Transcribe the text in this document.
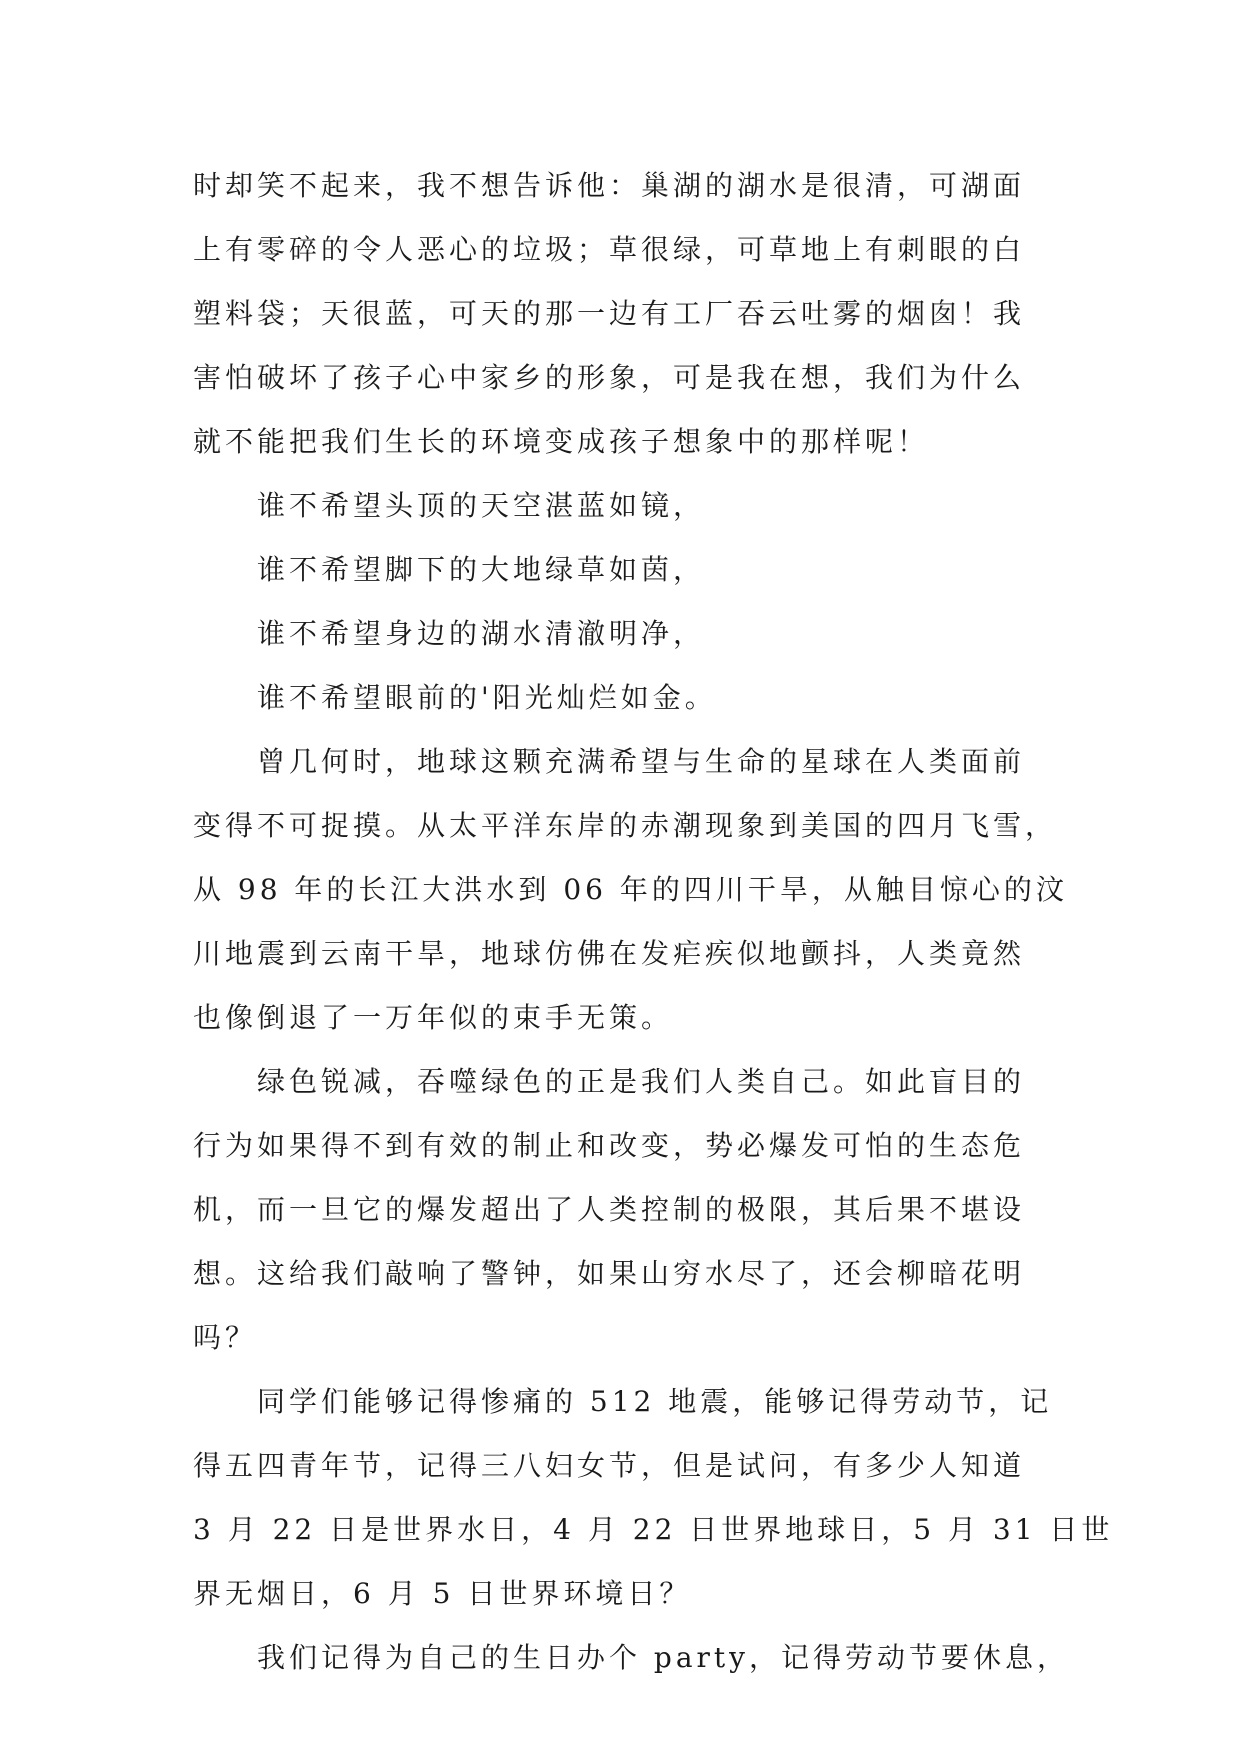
时却笑不起来，我不想告诉他：巢湖的湖水是很清，可湖面
上有零碎的令人恶心的垃圾；草很绿，可草地上有刺眼的白
塑料袋；天很蓝，可天的那一边有工厂吞云吐雾的烟囱！我
害怕破坏了孩子心中家乡的形象，可是我在想，我们为什么
就不能把我们生长的环境变成孩子想象中的那样呢！
谁不希望头顶的天空湛蓝如镜，
谁不希望脚下的大地绿草如茵，
谁不希望身边的湖水清澈明净，
谁不希望眼前的'阳光灿烂如金。
曾几何时，地球这颗充满希望与生命的星球在人类面前
变得不可捉摸。从太平洋东岸的赤潮现象到美国的四月飞雪，
从 98 年的长江大洪水到 06 年的四川干旱，从触目惊心的汶
川地震到云南干旱，地球仿佛在发疟疾似地颤抖，人类竟然
也像倒退了一万年似的束手无策。
绿色锐减，吞噬绿色的正是我们人类自己。如此盲目的
行为如果得不到有效的制止和改变，势必爆发可怕的生态危
机，而一旦它的爆发超出了人类控制的极限，其后果不堪设
想。这给我们敲响了警钟，如果山穷水尽了，还会柳暗花明
吗？
同学们能够记得惨痛的 512 地震，能够记得劳动节，记
得五四青年节，记得三八妇女节，但是试问，有多少人知道
3 月 22 日是世界水日，4 月 22 日世界地球日，5 月 31 日世
界无烟日，6 月 5 日世界环境日？
我们记得为自己的生日办个 party，记得劳动节要休息，
